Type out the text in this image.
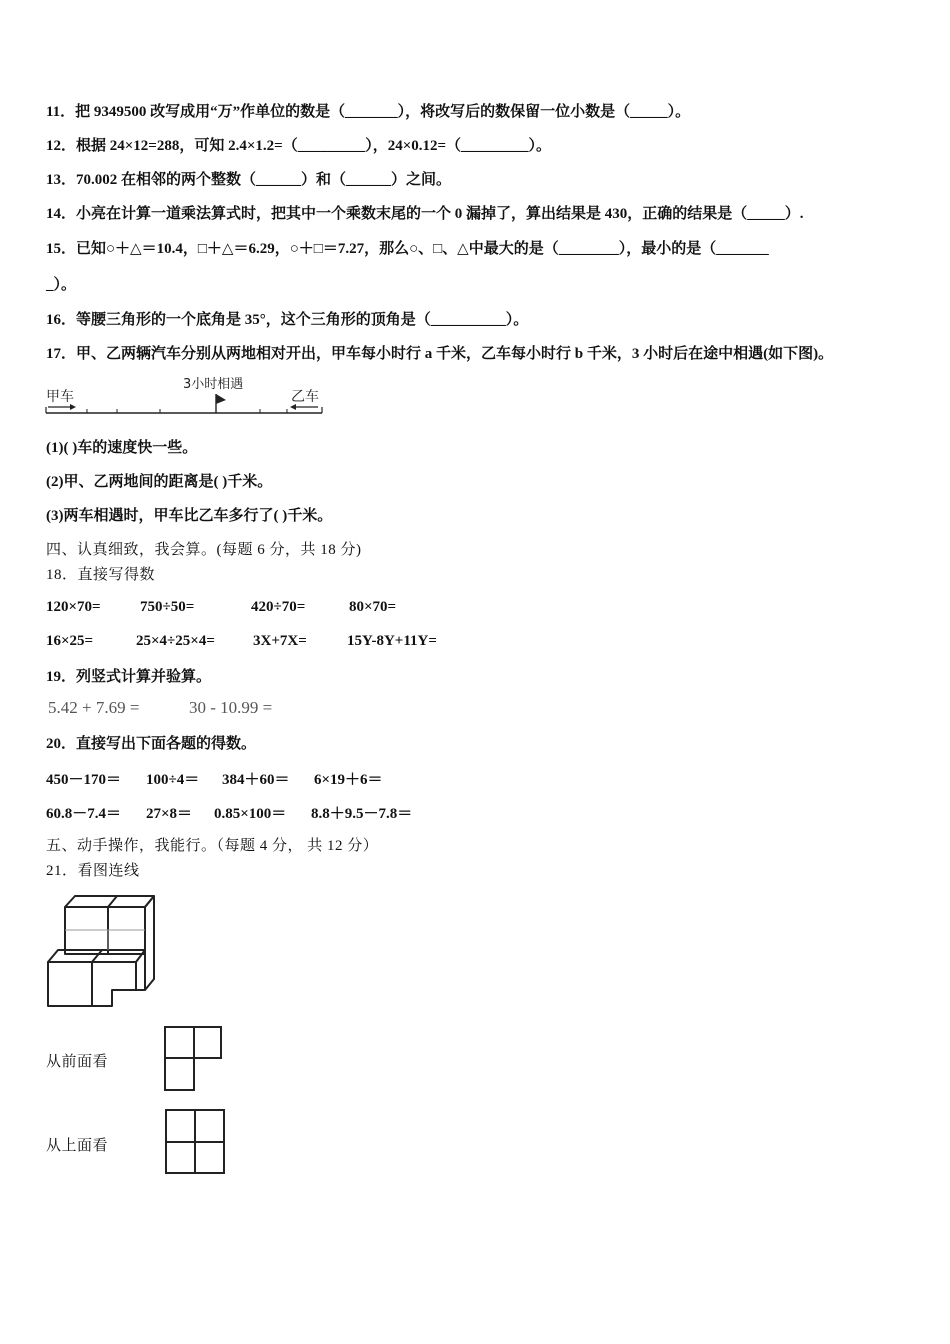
11．把 9349500 改写成用“万”作单位的数是（_______），将改写后的数保留一位小数是（_____）。
12．根据 24×12=288，可知 2.4×1.2=（_________），24×0.12=（_________）。
13．70.002 在相邻的两个整数（______）和（______）之间。
14．小亮在计算一道乘法算式时，把其中一个乘数末尾的一个 0 漏掉了，算出结果是 430，正确的结果是（_____）.
15．已知○＋△＝10.4，□＋△＝6.29，○＋□＝7.27，那么○、□、△中最大的是（________），最小的是（_______
_）。
16．等腰三角形的一个底角是 35°，这个三角形的顶角是（__________）。
17．甲、乙两辆汽车分别从两地相对开出，甲车每小时行 a 千米，乙车每小时行 b 千米，3 小时后在途中相遇(如下图)。
甲车
3小时相遇
乙车
(1)( )车的速度快一些。
(2)甲、乙两地间的距离是( )千米。
(3)两车相遇时，甲车比乙车多行了( )千米。
四、认真细致，我会算。(每题 6 分，共 18 分)
18．直接写得数
120×70=	750÷50=	420÷70=	80×70=
16×25=	25×4÷25×4=	3X+7X=	15Y-8Y+11Y=
19．列竖式计算并验算。
5.42 + 7.69 =	30 - 10.99 =
20．直接写出下面各题的得数。
450－170＝ 100÷4＝ 384＋60＝ 6×19＋6＝
60.8－7.4＝ 27×8＝ 0.85×100＝ 8.8＋9.5－7.8＝
五、动手操作，我能行。（每题 4 分， 共 12 分）
21．看图连线
从前面看
从上面看
